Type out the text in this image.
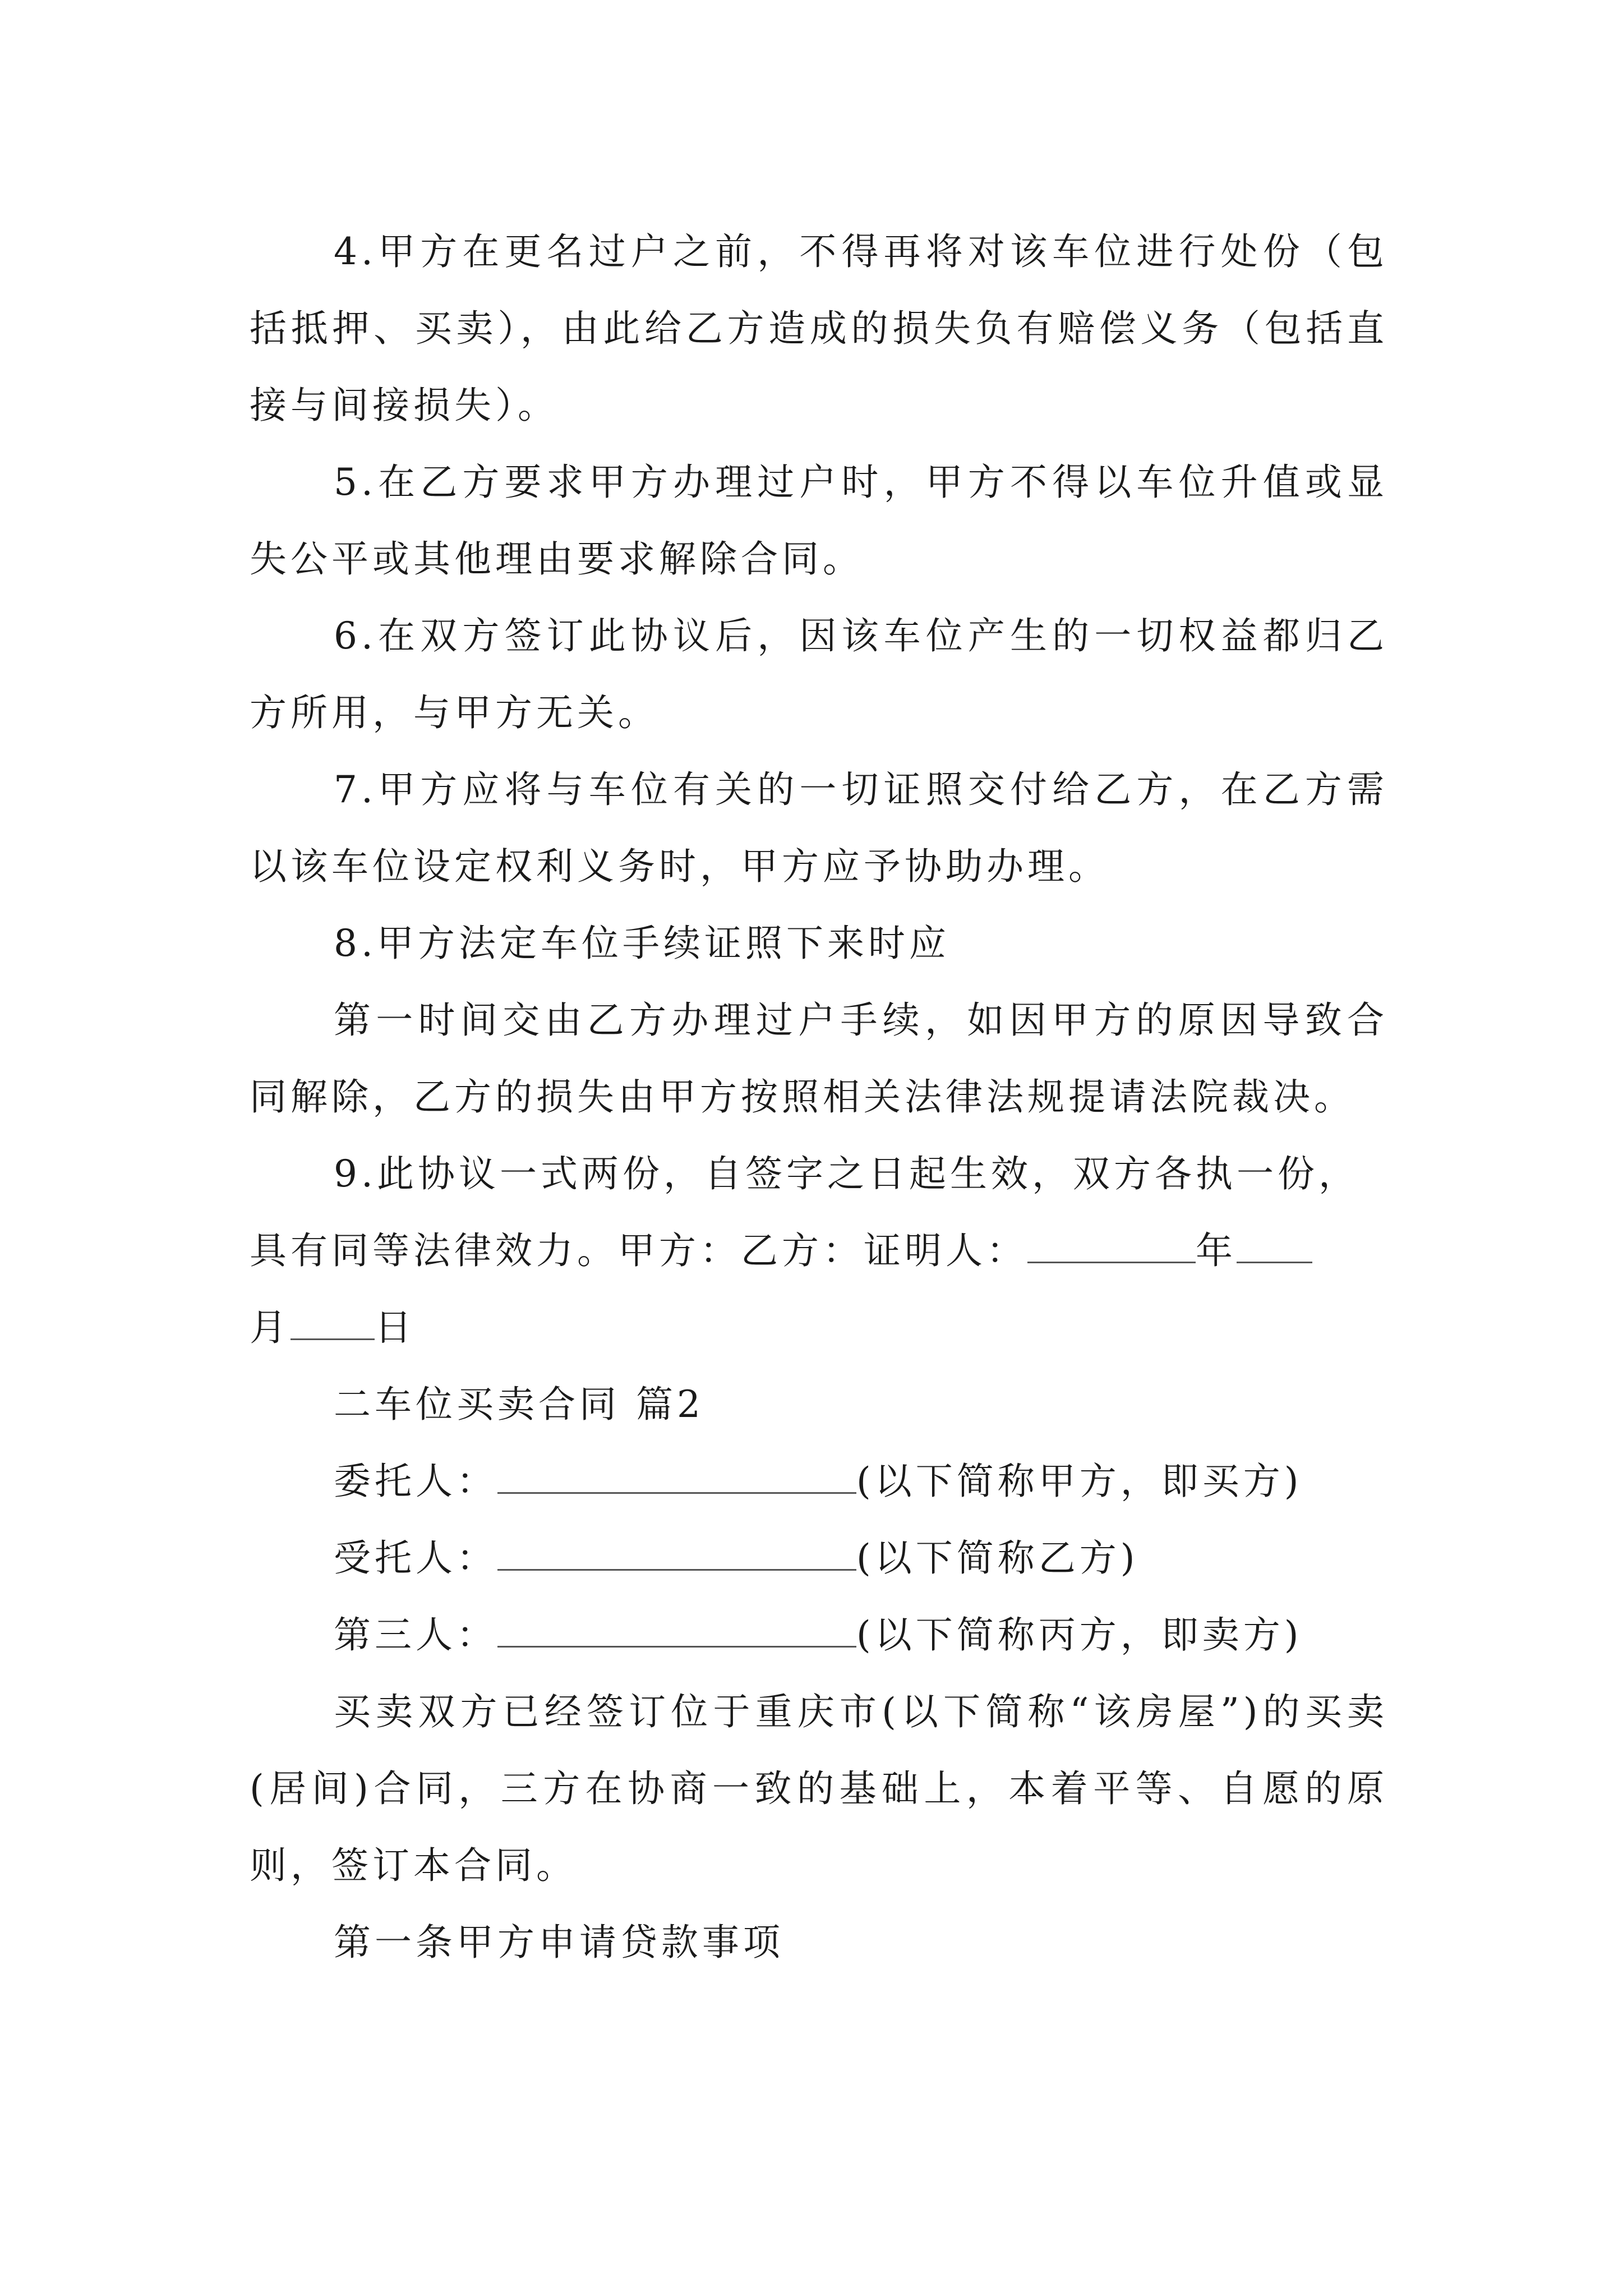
4.甲方在更名过户之前，不得再将对该车位进行处份（包括抵押、买卖），由此给乙方造成的损失负有赔偿义务（包括直接与间接损失）。

5.在乙方要求甲方办理过户时，甲方不得以车位升值或显失公平或其他理由要求解除合同。

6.在双方签订此协议后，因该车位产生的一切权益都归乙方所用，与甲方无关。

7.甲方应将与车位有关的一切证照交付给乙方，在乙方需以该车位设定权利义务时，甲方应予协助办理。

8.甲方法定车位手续证照下来时应

第一时间交由乙方办理过户手续，如因甲方的原因导致合同解除，乙方的损失由甲方按照相关法律法规提请法院裁决。

9.此协议一式两份，自签字之日起生效，双方各执一份，
具有同等法律效力。甲方：乙方：证明人：	年
月 日

二车位买卖合同 篇2

委托人：	(以下简称甲方，即买方)
受托人：	(以下简称乙方)
第三人：	(以下简称丙方，即卖方)

买卖双方已经签订位于重庆市(以下简称“该房屋”)的买卖(居间)合同，三方在协商一致的基础上，本着平等、自愿的原则，签订本合同。

第一条甲方申请贷款事项
